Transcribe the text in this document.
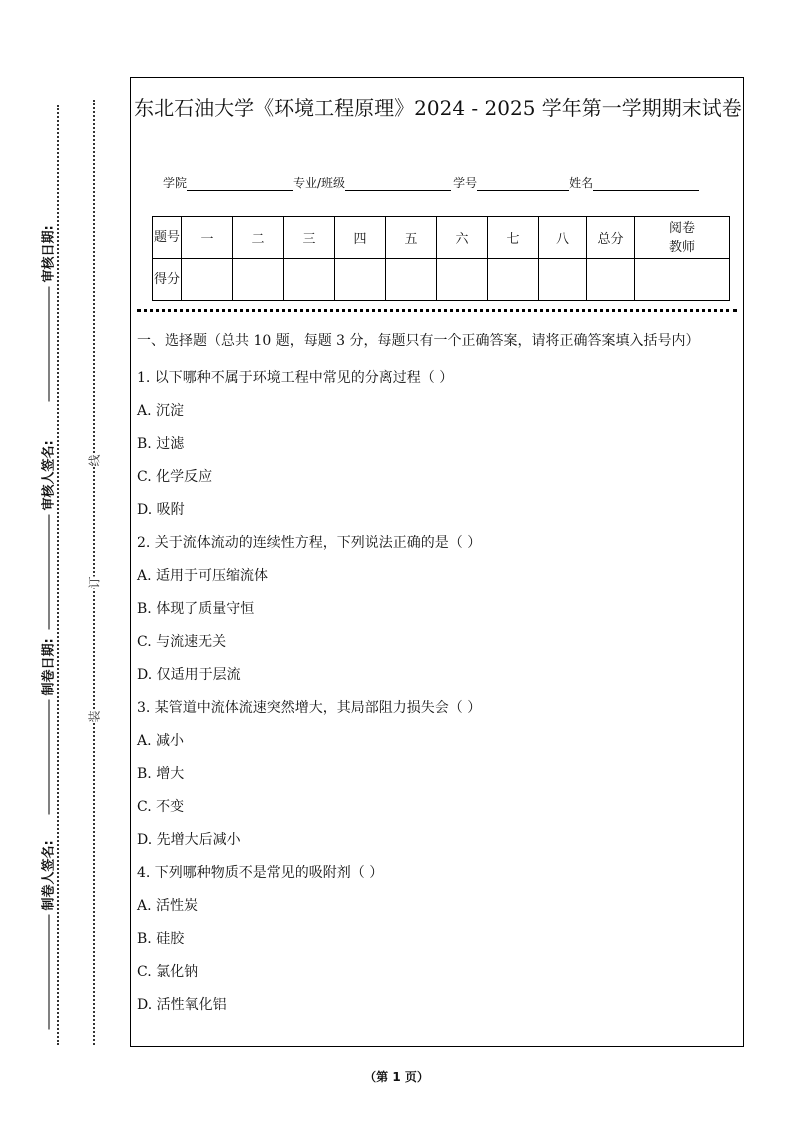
审核日期:
审核人签名:
制卷日期:
制卷人签名:
线
订
装
东北石油大学《环境工程原理》2024 - 2025 学年第一学期期末试卷
学院	专业/班级	学号	姓名
题号	一	二	三	四	五	六	七	八	总分	阅卷教师
得分										
一、选择题（总共 10 题，每题 3 分，每题只有一个正确答案，请将正确答案填入括号内）
1. 以下哪种不属于环境工程中常见的分离过程（ ）
A. 沉淀
B. 过滤
C. 化学反应
D. 吸附
2. 关于流体流动的连续性方程，下列说法正确的是（ ）
A. 适用于可压缩流体
B. 体现了质量守恒
C. 与流速无关
D. 仅适用于层流
3. 某管道中流体流速突然增大，其局部阻力损失会（ ）
A. 减小
B. 增大
C. 不变
D. 先增大后减小
4. 下列哪种物质不是常见的吸附剂（ ）
A. 活性炭
B. 硅胶
C. 氯化钠
D. 活性氧化铝
（第 1 页）
